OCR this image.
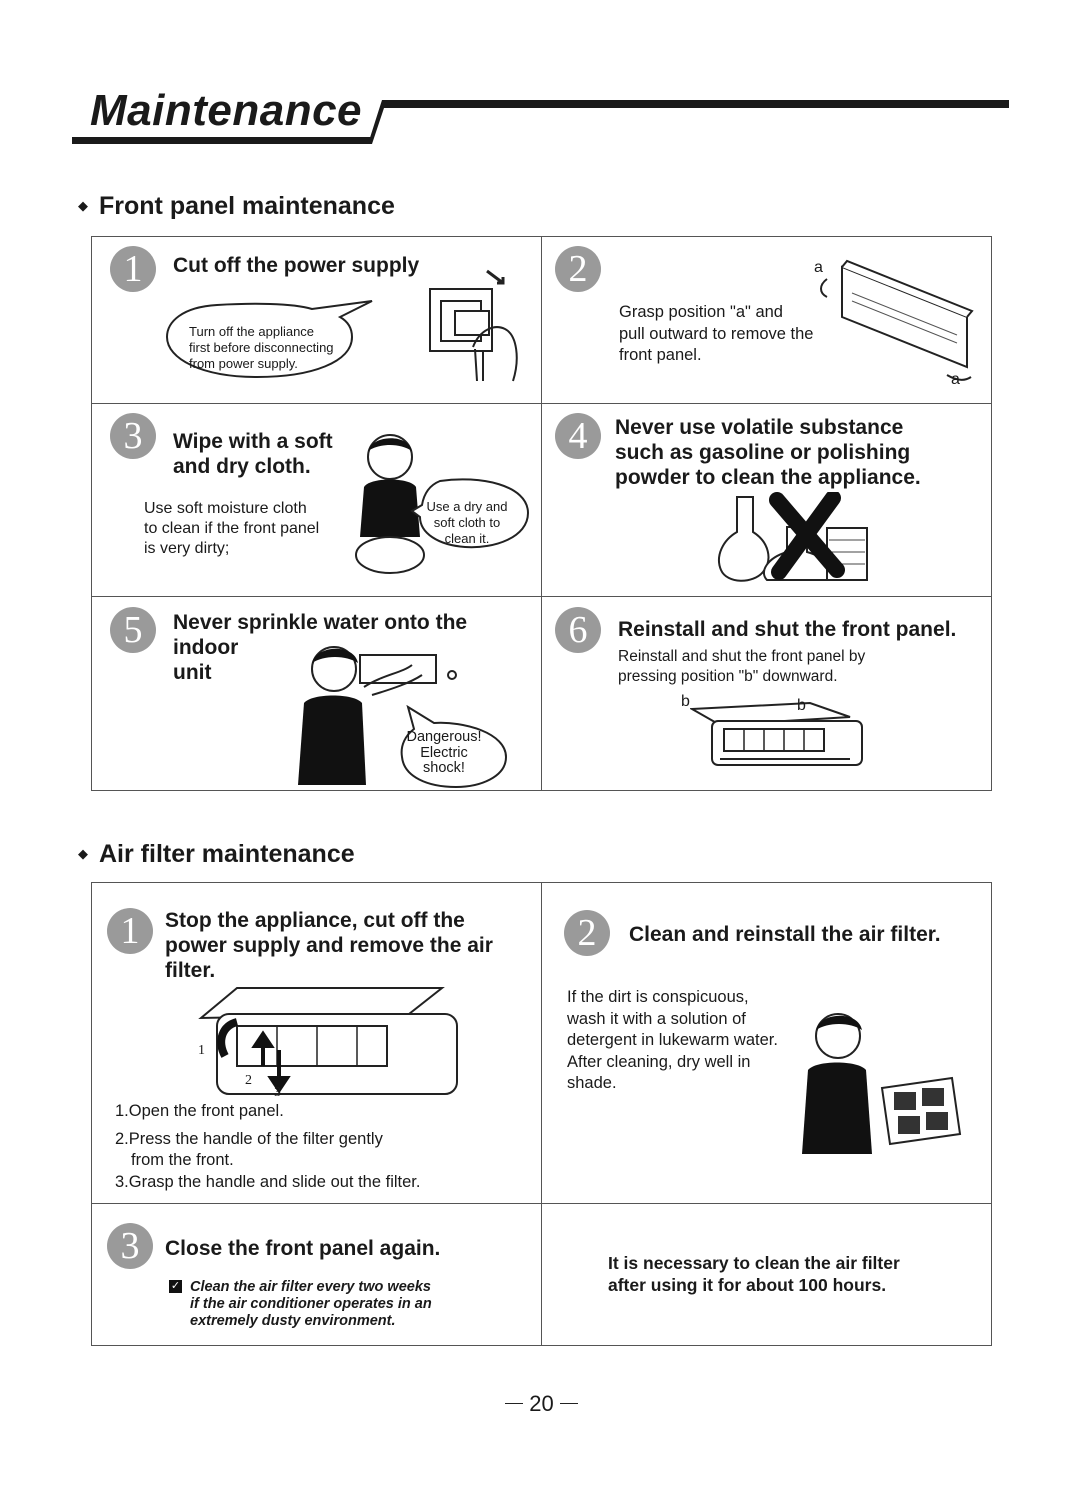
Maintenance
◆ Front panel maintenance
1	Cut off the power supply
Turn off the appliance
first before disconnecting
from power supply.
2
Grasp position "a" and
pull outward to remove the
front panel.
a
a
3	Wipe with a soft
and dry cloth.
Use soft moisture cloth
to clean if the front panel
is very dirty;
Use a dry and
soft cloth to
clean it.
4	Never use volatile substance
such as gasoline or polishing
powder to clean the appliance.
5	Never sprinkle water onto the
indoor
unit
Dangerous!
Electric
shock!
6	Reinstall and shut the front panel.
Reinstall and shut the front panel by
pressing position "b" downward.
b	b
◆ Air filter maintenance
1	Stop the appliance, cut off the
power supply and remove the air
filter.
1
2
3
1.Open the front panel.
2.Press the handle of the filter gently
from the front.
3.Grasp the handle and slide out the filter.
2	Clean and reinstall the air filter.
If the dirt is conspicuous,
wash it with a solution of
detergent in lukewarm water.
After cleaning, dry well in
shade.
3	Close the front panel again.
✓ Clean the air filter every two weeks
if the air conditioner operates in an
extremely dusty environment.
It is necessary to clean the air filter
after using it for about 100 hours.
20
